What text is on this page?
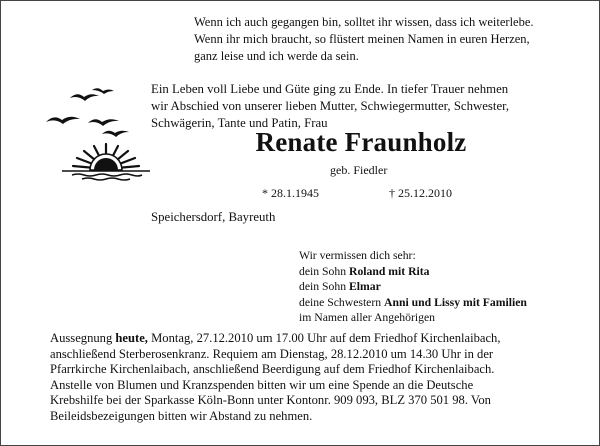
Wenn ich auch gegangen bin, solltet ihr wissen, dass ich weiterlebe.
Wenn ihr mich braucht, so flüstert meinen Namen in euren Herzen,
ganz leise und ich werde da sein.
Ein Leben voll Liebe und Güte ging zu Ende. In tiefer Trauer nehmen
wir Abschied von unserer lieben Mutter, Schwiegermutter, Schwester,
Schwägerin, Tante und Patin, Frau
Renate Fraunholz
geb. Fiedler
* 28.1.1945	† 25.12.2010
Speichersdorf, Bayreuth
Wir vermissen dich sehr:
dein Sohn Roland mit Rita
dein Sohn Elmar
deine Schwestern Anni und Lissy mit Familien
im Namen aller Angehörigen
Aussegnung heute, Montag, 27.12.2010 um 17.00 Uhr auf dem Friedhof Kirchenlaibach,
anschließend Sterberosenkranz. Requiem am Dienstag, 28.12.2010 um 14.30 Uhr in der
Pfarrkirche Kirchenlaibach, anschließend Beerdigung auf dem Friedhof Kirchenlaibach.
Anstelle von Blumen und Kranzspenden bitten wir um eine Spende an die Deutsche
Krebshilfe bei der Sparkasse Köln-Bonn unter Kontonr. 909 093, BLZ 370 501 98. Von
Beileidsbezeigungen bitten wir Abstand zu nehmen.
